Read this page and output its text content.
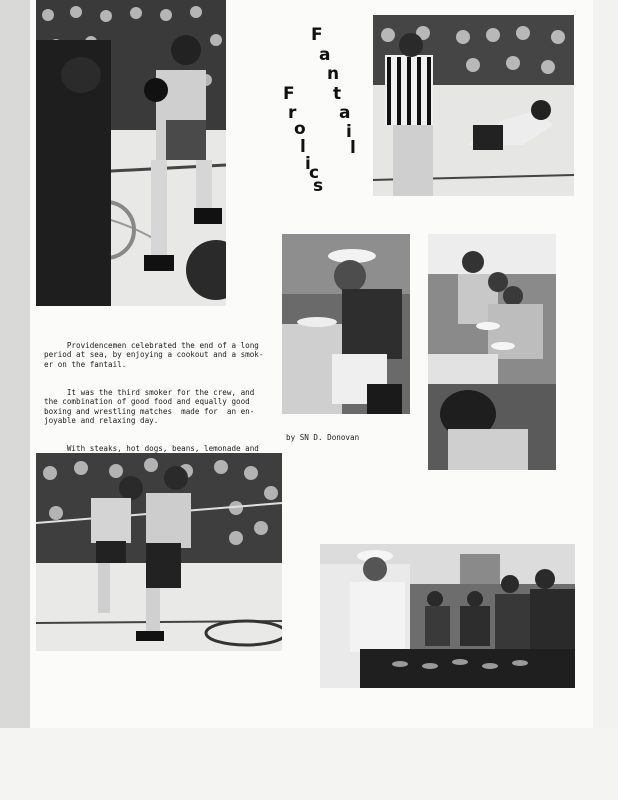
F
a
n
t
a
i
l
F
r
o
l
i
c
s

Providencemen celebrated the end of a long
period at sea, by enjoying a cookout and a smok-
er on the fantail.

It was the third smoker for the crew, and
the combination of good food and equally good
boxing and wrestling matches  made for  an en-
joyable and relaxing day.

With steaks, hot dogs, beans, lemonade and

by SN D. Donovan
